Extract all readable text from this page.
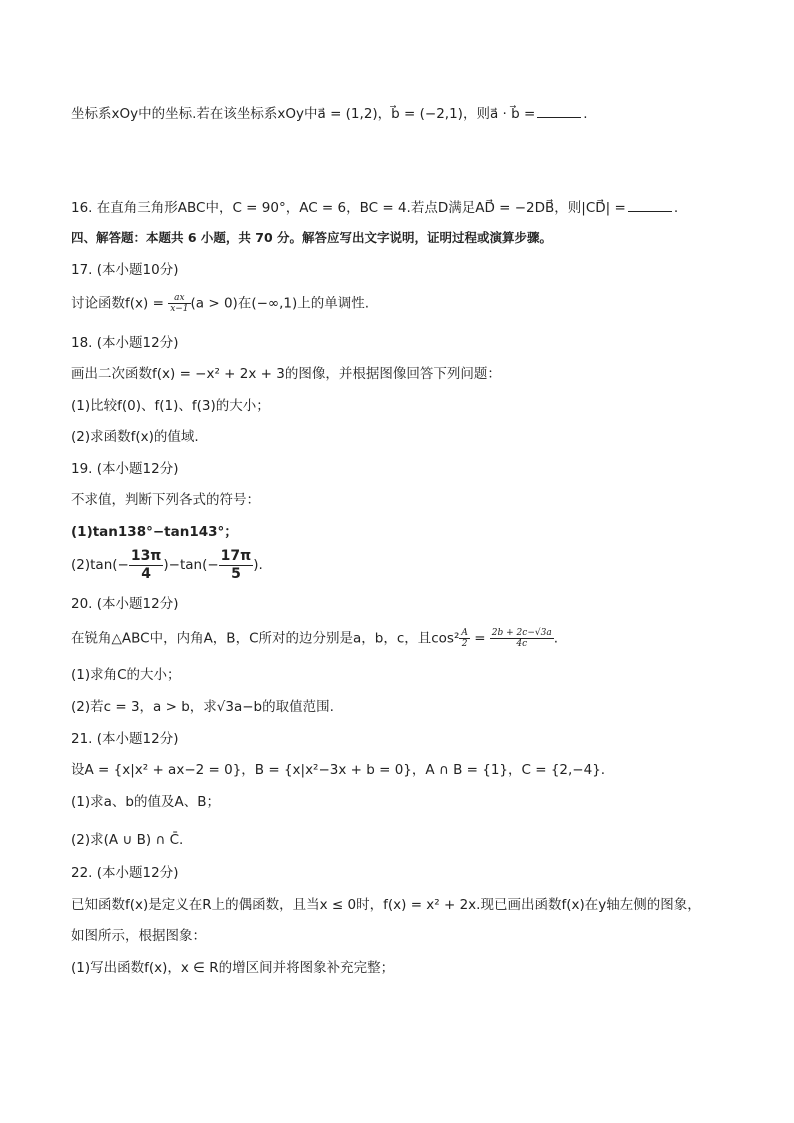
坐标系xOy中的坐标.若在该坐标系xOy中a⃗ = (1,2)，b⃗ = (−2,1)，则a⃗ · b⃗ =	.
16. 在直角三角形ABC中，C = 90°，AC = 6，BC = 4.若点D满足AD⃗ = −2DB⃗，则|CD⃗| =	.
四、解答题：本题共 6 小题，共 70 分。解答应写出文字说明，证明过程或演算步骤。
17. (本小题10分)
讨论函数$f(x) = \frac{ax}{x-1} (a > 0)$在(−∞,1)上的单调性.
18. (本小题12分)
画出二次函数f(x) = −x² + 2x + 3的图像，并根据图像回答下列问题：
(1)比较f(0)、f(1)、f(3)的大小；
(2)求函数f(x)的值域.
19. (本小题12分)
不求值，判断下列各式的符号：
(1)tan138°−tan143°；
$(2)\tan(- \frac{13\pi}{4} )-\tan(- \frac{17\pi}{5}$ ).
20. (本小题12分)
在锐角△ABC中，内角A，B，C所对的边分别是a，b，c，且$\cos^2 \frac{A}{2} = \frac{2b + 2c-√3a}{4c}$ .
(1)求角C的大小；
(2)若c = 3，a > b，求√3a−b的取值范围.
21. (本小题12分)
设A = {x|x² + ax−2 = 0}，B = {x|x²−3x + b = 0}，A ∩ B = {1}，C = {2,−4}.
(1)求a、b的值及A、B；
(2)求(A ∪ B) ∩ C̄.
22. (本小题12分)
已知函数f(x)是定义在R上的偶函数，且当x ≤ 0时，f(x) = x² + 2x.现已画出函数f(x)在y轴左侧的图象，
如图所示，根据图象：
(1)写出函数f(x)，x ∈ R的增区间并将图象补充完整；
